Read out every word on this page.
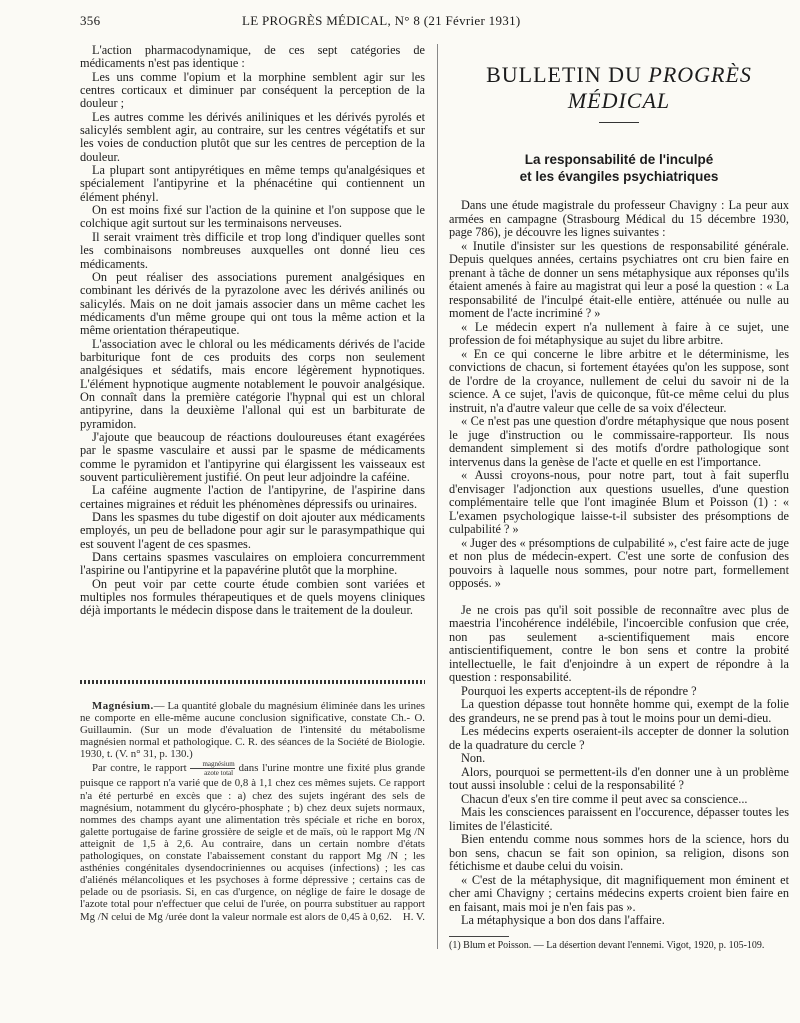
356	LE PROGRÈS MÉDICAL, N° 8 (21 Février 1931)

L'action pharmacodynamique, de ces sept catégories de médicaments n'est pas identique :

Les uns comme l'opium et la morphine semblent agir sur les centres corticaux et diminuer par conséquent la perception de la douleur ;

Les autres comme les dérivés aniliniques et les dérivés pyrolés et salicylés semblent agir, au contraire, sur les centres végétatifs et sur les voies de conduction plutôt que sur les centres de perception de la douleur.

La plupart sont antipyrétiques en même temps qu'analgésiques et spécialement l'antipyrine et la phénacétine qui contiennent un élément phényl.

On est moins fixé sur l'action de la quinine et l'on suppose que le colchique agit surtout sur les terminaisons nerveuses.

Il serait vraiment très difficile et trop long d'indiquer quelles sont les combinaisons nombreuses auxquelles ont donné lieu ces médicaments.

On peut réaliser des associations purement analgésiques en combinant les dérivés de la pyrazolone avec les dérivés anilinés ou salicylés. Mais on ne doit jamais associer dans un même cachet les médicaments d'un même groupe qui ont tous la même action et la même orientation thérapeutique.

L'association avec le chloral ou les médicaments dérivés de l'acide barbiturique font de ces produits des corps non seulement analgésiques et sédatifs, mais encore légèrement hypnotiques. L'élément hypnotique augmente notablement le pouvoir analgésique. On connaît dans la première catégorie l'hypnal qui est un chloral antipyrine, dans la deuxième l'allonal qui est un barbiturate de pyramidon.

J'ajoute que beaucoup de réactions douloureuses étant exagérées par le spasme vasculaire et aussi par le spasme de médicaments comme le pyramidon et l'antipyrine qui élargissent les vaisseaux est souvent particulièrement justifié. On peut leur adjoindre la caféine.

La caféine augmente l'action de l'antipyrine, de l'aspirine dans certaines migraines et réduit les phénomènes dépressifs ou urinaires.

Dans les spasmes du tube digestif on doit ajouter aux médicaments employés, un peu de belladone pour agir sur le parasympathique qui est souvent l'agent de ces spasmes.

Dans certains spasmes vasculaires on emploiera concurremment l'aspirine ou l'antipyrine et la papavérine plutôt que la morphine.

On peut voir par cette courte étude combien sont variées et multiples nos formules thérapeutiques et de quels moyens cliniques déjà importants le médecin dispose dans le traitement de la douleur.

Magnésium.— La quantité globale du magnésium éliminée dans les urines ne comporte en elle-même aucune conclusion significative, constate Ch.- O. Guillaumin. (Sur un mode d'évaluation de l'intensité du métabolisme magnésien normal et pathologique. C. R. des séances de la Société de Biologie. 1930, t. (V. n° 31, p. 130.)

Par contre, le rapport $\frac{\text{magnésium}}{\text{azote total}}$ dans l'urine montre une fixité plus grande puisque ce rapport n'a varié que de 0,8 à 1,1 chez ces mêmes sujets. Ce rapport n'a été perturbé en excès que : a) chez des sujets ingérant des sels de magnésium, notamment du glycéro-phosphate ; b) chez deux sujets normaux, nommes des champs ayant une alimentation très spéciale et riche en borox, galette portugaise de farine grossière de seigle et de maïs, où le rapport Mg /N atteignit de 1,5 à 2,6. Au contraire, dans un certain nombre d'états pathologiques, on constate l'abaissement constant du rapport Mg /N ; les asthénies congénitales dysendocriniennes ou acquises (infections) ; les cas d'aliénés mélancoliques et les psychoses à forme dépressive ; certains cas de pelade ou de psoriasis. Si, en cas d'urgence, on néglige de faire le dosage de l'azote total pour n'effectuer que celui de l'urée, on pourra substituer au rapport Mg /N celui de Mg /urée dont la valeur normale est alors de 0,45 à 0,62.	H. V.

BULLETIN DU PROGRÈS MÉDICAL
La responsabilité de l'inculpé
et les évangiles psychiatriques

Dans une étude magistrale du professeur Chavigny : La peur aux armées en campagne (Strasbourg Médical du 15 décembre 1930, page 786), je découvre les lignes suivantes :

« Inutile d'insister sur les questions de responsabilité générale. Depuis quelques années, certains psychiatres ont cru bien faire en prenant à tâche de donner un sens métaphysique aux réponses qu'ils étaient amenés à faire au magistrat qui leur a posé la question : « La responsabilité de l'inculpé était-elle entière, atténuée ou nulle au moment de l'acte incriminé ? »

« Le médecin expert n'a nullement à faire à ce sujet, une profession de foi métaphysique au sujet du libre arbitre.

« En ce qui concerne le libre arbitre et le déterminisme, les convictions de chacun, si fortement étayées qu'on les suppose, sont de l'ordre de la croyance, nullement de celui du savoir ni de la science. A ce sujet, l'avis de quiconque, fût-ce même celui du plus instruit, n'a d'autre valeur que celle de sa voix d'électeur.

« Ce n'est pas une question d'ordre métaphysique que nous posent le juge d'instruction ou le commissaire-rapporteur. Ils nous demandent simplement si des motifs d'ordre pathologique sont intervenus dans la genèse de l'acte et quelle en est l'importance.

« Aussi croyons-nous, pour notre part, tout à fait superflu d'envisager l'adjonction aux questions usuelles, d'une question complémentaire telle que l'ont imaginée Blum et Poisson (1) : « L'examen psychologique laisse-t-il subsister des présomptions de culpabilité ? »

« Juger des « présomptions de culpabilité », c'est faire acte de juge et non plus de médecin-expert. C'est une sorte de confusion des pouvoirs à laquelle nous sommes, pour notre part, formellement opposés. »

Je ne crois pas qu'il soit possible de reconnaître avec plus de maestria l'incohérence indélébile, l'incoercible confusion que crée, non pas seulement a-scientifiquement mais encore antiscientifiquement, contre le bon sens et contre la probité intellectuelle, le fait d'enjoindre à un expert de répondre à la question : responsabilité.

Pourquoi les experts acceptent-ils de répondre ?

La question dépasse tout honnête homme qui, exempt de la folie des grandeurs, ne se prend pas à tout le moins pour un demi-dieu.

Les médecins experts oseraient-ils accepter de donner la solution de la quadrature du cercle ?

Non.

Alors, pourquoi se permettent-ils d'en donner une à un problème tout aussi insoluble : celui de la responsabilité ?

Chacun d'eux s'en tire comme il peut avec sa conscience...

Mais les consciences paraissent en l'occurence, dépasser toutes les limites de l'élasticité.

Bien entendu comme nous sommes hors de la science, hors du bon sens, chacun se fait son opinion, sa religion, disons son fétichisme et daube celui du voisin.

« C'est de la métaphysique, dit magnifiquement mon éminent et cher ami Chavigny ; certains médecins experts croient bien faire en en faisant, mais moi je n'en fais pas ».

La métaphysique a bon dos dans l'affaire.

(1) Blum et Poisson. — La désertion devant l'ennemi. Vigot, 1920, p. 105-109.
